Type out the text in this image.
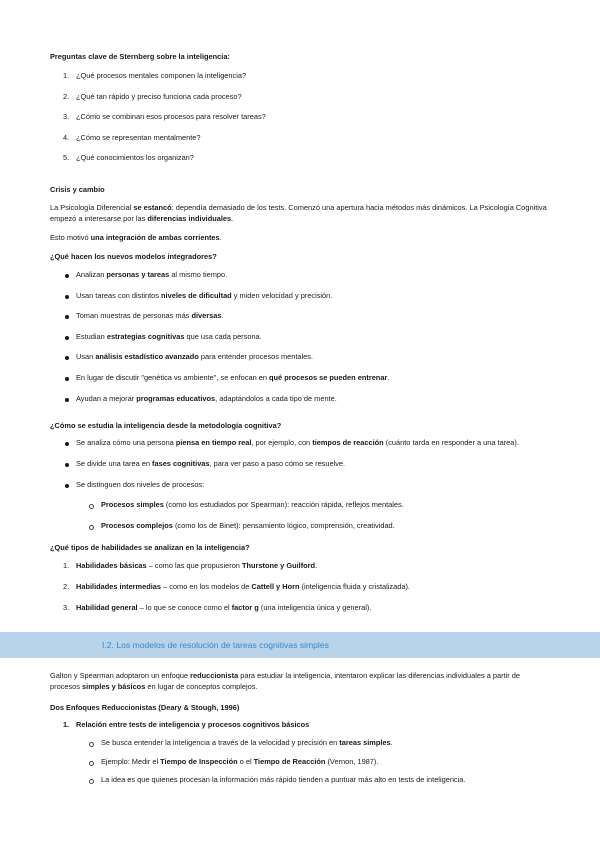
Preguntas clave de Sternberg sobre la inteligencia:
1. ¿Qué procesos mentales componen la inteligencia?
2. ¿Qué tan rápido y preciso funciona cada proceso?
3. ¿Cómo se combinan esos procesos para resolver tareas?
4. ¿Cómo se representan mentalmente?
5. ¿Qué conocimientos los organizan?
Crisis y cambio
La Psicología Diferencial se estancó: dependía demasiado de los tests. Comenzó una apertura hacia métodos más dinámicos. La Psicología Cognitiva empezó a interesarse por las diferencias individuales.
Esto motivó una integración de ambas corrientes.
¿Qué hacen los nuevos modelos integradores?
Analizan personas y tareas al mismo tiempo.
Usan tareas con distintos niveles de dificultad y miden velocidad y precisión.
Toman muestras de personas más diversas.
Estudian estrategias cognitivas que usa cada persona.
Usan análisis estadístico avanzado para entender procesos mentales.
En lugar de discutir "genética vs ambiente", se enfocan en qué procesos se pueden entrenar.
Ayudan a mejorar programas educativos, adaptándolos a cada tipo de mente.
¿Cómo se estudia la inteligencia desde la metodología cognitiva?
Se analiza cómo una persona piensa en tiempo real, por ejemplo, con tiempos de reacción (cuánto tarda en responder a una tarea).
Se divide una tarea en fases cognitivas, para ver paso a paso cómo se resuelve.
Se distinguen dos niveles de procesos:
Procesos simples (como los estudiados por Spearman): reacción rápida, reflejos mentales.
Procesos complejos (como los de Binet): pensamiento lógico, comprensión, creatividad.
¿Qué tipos de habilidades se analizan en la inteligencia?
1. Habilidades básicas – como las que propusieron Thurstone y Guilford.
2. Habilidades intermedias – como en los modelos de Cattell y Horn (inteligencia fluida y cristalizada).
3. Habilidad general – lo que se conoce como el factor g (una inteligencia única y general).
I.2. Los modelos de resolución de tareas cognitivas simples
Galton y Spearman adoptaron un enfoque reduccionista para estudiar la inteligencia, intentaron explicar las diferencias individuales a partir de procesos simples y básicos en lugar de conceptos complejos.
Dos Enfoques Reduccionistas (Deary & Stough, 1996)
1. Relación entre tests de inteligencia y procesos cognitivos básicos
Se busca entender la inteligencia a través de la velocidad y precisión en tareas simples.
Ejemplo: Medir el Tiempo de Inspección o el Tiempo de Reacción (Vernon, 1987).
La idea es que quienes procesan la información más rápido tienden a puntuar más alto en tests de inteligencia.
